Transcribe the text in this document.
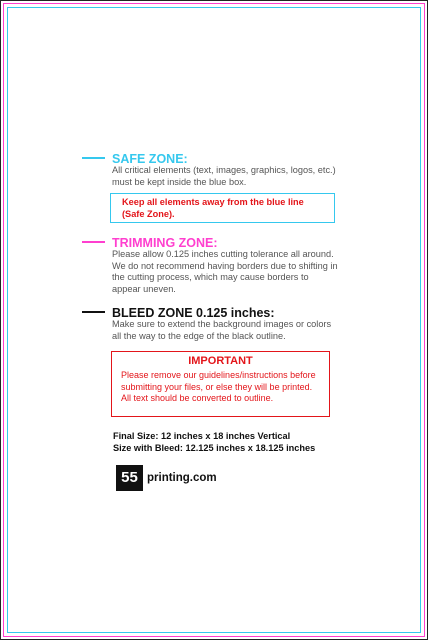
SAFE ZONE:
All critical elements (text, images, graphics, logos, etc.)
must be kept inside the blue box.
Keep all elements away from the blue line
(Safe Zone).
TRIMMING ZONE:
Please allow 0.125 inches cutting tolerance all around.
We do not recommend having borders due to shifting in
the cutting process, which may cause borders to
appear uneven.
BLEED ZONE 0.125 inches:
Make sure to extend the background images or colors
all the way to the edge of the black outline.
IMPORTANT
Please remove our guidelines/instructions before
submitting your files, or else they will be printed.
All text should be converted to outline.
Final Size: 12 inches x 18 inches Vertical
Size with Bleed: 12.125 inches x 18.125 inches
55 printing.com
